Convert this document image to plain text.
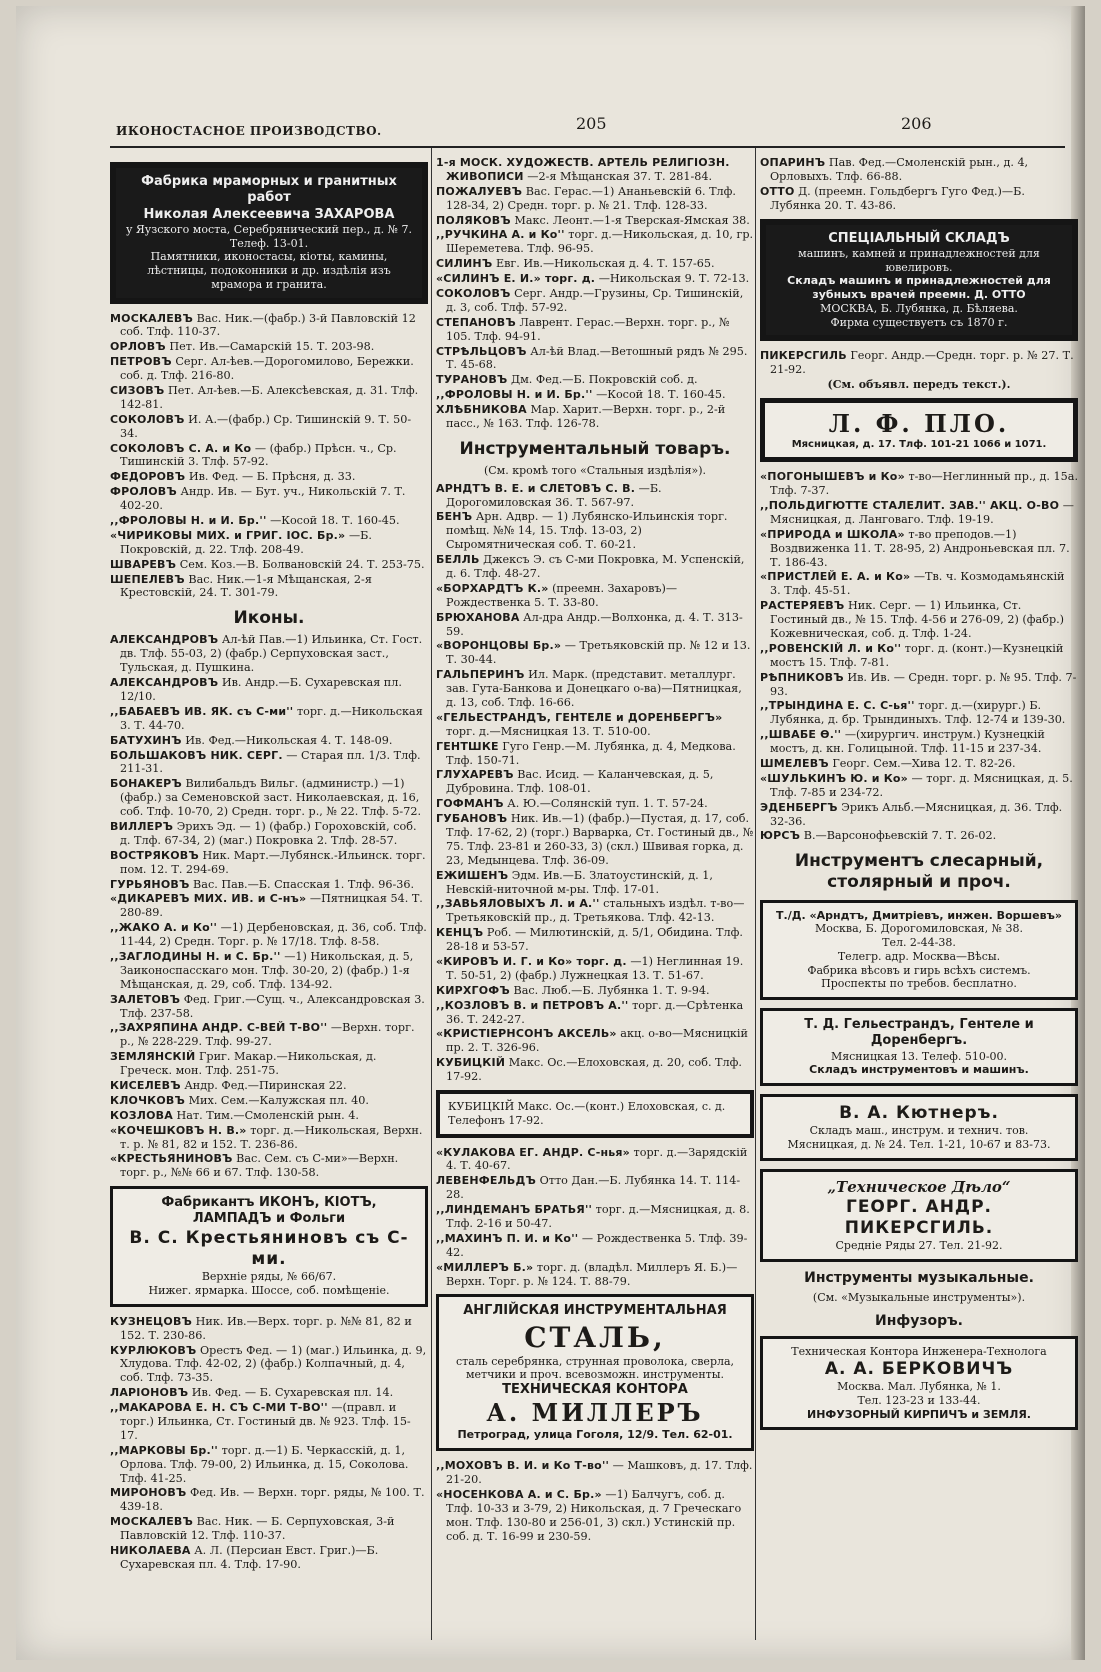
ИКОНОСТАСНОЕ ПРОИЗВОДСТВО.	205	206
Фабрика мраморных и гранитных работ
Николая Алексеевича ЗАХАРОВА
у Яузского моста, Серебрянический пер., д. № 7. Телеф. 13-01.
Памятники, иконостасы, кіоты, камины, лѣстницы, подоконники и др. издѣлія изъ мрамора и гранита.
МОСКАЛЕВЪ Вас. Ник.—(фабр.) 3-й Павловскій 12 соб. Тлф. 110-37.
ОРЛОВЪ Пет. Ив.—Самарскій 15. Т. 203-98.
ПЕТРОВЪ Серг. Ал-ѣев.—Дорогомилово, Бережки. соб. д. Тлф. 216-80.
СИЗОВЪ Пет. Ал-ѣев.—Б. Алексѣевская, д. 31. Тлф. 142-81.
СОКОЛОВЪ И. А.—(фабр.) Ср. Тишинскій 9. Т. 50-34.
СОКОЛОВЪ С. А. и Ко — (фабр.) Прѣсн. ч., Ср. Тишинскій 3. Тлф. 57-92.
ФЕДОРОВЪ Ив. Фед. — Б. Прѣсня, д. 33.
ФРОЛОВЪ Андр. Ив. — Бут. уч., Никольскій 7. Т. 402-20.
,,ФРОЛОВЫ Н. и И. Бр.'' —Косой 18. Т. 160-45.
«ЧИРИКОВЫ МИХ. и ГРИГ. ІОС. Бр.» —Б. Покровскій, д. 22. Тлф. 208-49.
ШВАРЕВЪ Сем. Коз.—В. Болвановскій 24. Т. 253-75.
ШЕПЕЛЕВЪ Вас. Ник.—1-я Мѣщанская, 2-я Крестовскій, 24. Т. 301-79.
Иконы.
АЛЕКСАНДРОВЪ Ал-ѣй Пав.—1) Ильинка, Ст. Гост. дв. Тлф. 55-03, 2) (фабр.) Серпуховская заст., Тульская, д. Пушкина.
АЛЕКСАНДРОВЪ Ив. Андр.—Б. Сухаревская пл. 12/10.
,,БАБАЕВЪ ИВ. ЯК. съ С-ми'' торг. д.—Никольская 3. Т. 44-70.
БАТУХИНЪ Ив. Фед.—Никольская 4. Т. 148-09.
БОЛЬШАКОВЪ НИК. СЕРГ. — Старая пл. 1/3. Тлф. 211-31.
БОНАКЕРЪ Вилибальдъ Вильг. (администр.) —1) (фабр.) за Семеновской заст. Николаевская, д. 16, соб. Тлф. 10-70, 2) Средн. торг. р., № 22. Тлф. 5-72.
ВИЛЛЕРЪ Эрихъ Эд. — 1) (фабр.) Гороховскій, соб. д. Тлф. 67-34, 2) (маг.) Покровка 2. Тлф. 28-57.
ВОСТРЯКОВЪ Ник. Март.—Лубянск.-Ильинск. торг. пом. 12. Т. 294-69.
ГУРЬЯНОВЪ Вас. Пав.—Б. Спасская 1. Тлф. 96-36.
«ДИКАРЕВЪ МИХ. ИВ. и С-нъ» —Пятницкая 54. Т. 280-89.
,,ЖАКО А. и Ко'' —1) Дербеновская, д. 36, соб. Тлф. 11-44, 2) Средн. Торг. р. № 17/18. Тлф. 8-58.
,,ЗАГЛОДИНЫ Н. и С. Бр.'' —1) Никольская, д. 5, Заиконоспасскаго мон. Тлф. 30-20, 2) (фабр.) 1-я Мѣщанская, д. 29, соб. Тлф. 134-92.
ЗАЛЕТОВЪ Фед. Григ.—Сущ. ч., Александровская 3. Тлф. 237-58.
,,ЗАХРЯПИНА АНДР. С-ВЕЙ Т-ВО'' —Верхн. торг. р., № 228-229. Тлф. 99-27.
ЗЕМЛЯНСКІЙ Григ. Макар.—Никольская, д. Греческ. мон. Тлф. 251-75.
КИСЕЛЕВЪ Андр. Фед.—Пиринская 22.
КЛОЧКОВЪ Мих. Сем.—Калужская пл. 40.
КОЗЛОВА Нат. Тим.—Смоленскій рын. 4.
«КОЧЕШКОВЪ Н. В.» торг. д.—Никольская, Верхн. т. р. № 81, 82 и 152. Т. 236-86.
«КРЕСТЬЯНИНОВЪ Вас. Сем. съ С-ми»—Верхн. торг. р., №№ 66 и 67. Тлф. 130-58.
Фабрикантъ ИКОНЪ, КІОТЪ, ЛАМПАДЪ и Фольги
В. С. Крестьяниновъ съ С-ми.
Верхніе ряды, № 66/67.
Нижег. ярмарка. Шоссе, соб. помѣщеніе.
КУЗНЕЦОВЪ Ник. Ив.—Верх. торг. р. №№ 81, 82 и 152. Т. 230-86.
КУРЛЮКОВЪ Орестъ Фед. — 1) (маг.) Ильинка, д. 9, Хлудова. Тлф. 42-02, 2) (фабр.) Колпачный, д. 4, соб. Тлф. 73-35.
ЛАРІОНОВЪ Ив. Фед. — Б. Сухаревская пл. 14.
,,МАКАРОВА Е. Н. СЪ С-МИ Т-ВО'' —(правл. и торг.) Ильинка, Ст. Гостиный дв. № 923. Тлф. 15-17.
,,МАРКОВЫ Бр.'' торг. д.—1) Б. Черкасскій, д. 1, Орлова. Тлф. 79-00, 2) Ильинка, д. 15, Соколова. Тлф. 41-25.
МИРОНОВЪ Фед. Ив. — Верхн. торг. ряды, № 100. Т. 439-18.
МОСКАЛЕВЪ Вас. Ник. — Б. Серпуховская, 3-й Павловскій 12. Тлф. 110-37.
НИКОЛАЕВА А. Л. (Персиан Евст. Григ.)—Б. Сухаревская пл. 4. Тлф. 17-90.
1-я МОСК. ХУДОЖЕСТВ. АРТЕЛЬ РЕЛИГІОЗН. ЖИВОПИСИ —2-я Мѣщанская 37. Т. 281-84.
ПОЖАЛУЕВЪ Вас. Герас.—1) Ананьевскій 6. Тлф. 128-34, 2) Средн. торг. р. № 21. Тлф. 128-33.
ПОЛЯКОВЪ Макс. Леонт.—1-я Тверская-Ямская 38.
,,РУЧКИНА А. и Ко'' торг. д.—Никольская, д. 10, гр. Шереметева. Тлф. 96-95.
СИЛИНЪ Евг. Ив.—Никольская д. 4. Т. 157-65.
«СИЛИНЪ Е. И.» торг. д. —Никольская 9. Т. 72-13.
СОКОЛОВЪ Серг. Андр.—Грузины, Ср. Тишинскій, д. 3, соб. Тлф. 57-92.
СТЕПАНОВЪ Лаврент. Герас.—Верхн. торг. р., № 105. Тлф. 94-91.
СТРѢЛЬЦОВЪ Ал-ѣй Влад.—Ветошный рядъ № 295. Т. 45-68.
ТУРАНОВЪ Дм. Фед.—Б. Покровскій соб. д.
,,ФРОЛОВЫ Н. и И. Бр.'' —Косой 18. Т. 160-45.
ХЛѢБНИКОВА Мар. Харит.—Верхн. торг. р., 2-й пасс., № 163. Тлф. 126-78.
Инструментальный товаръ.
(См. кромѣ того «Стальныя издѣлія»).
АРНДТЪ В. Е. и СЛЕТОВЪ С. В. —Б. Дорогомиловская 36. Т. 567-97.
БЕНЪ Арн. Адвр. — 1) Лубянско-Ильинскія торг. помѣщ. №№ 14, 15. Тлф. 13-03, 2) Сыромятническая соб. Т. 60-21.
БЕЛЛЬ Джексъ Э. съ С-ми Покровка, М. Успенскій, д. 6. Тлф. 48-27.
«БОРХАРДТЪ К.» (преемн. Захаровъ)—Рождественка 5. Т. 33-80.
БРЮХАНОВА Ал-дра Андр.—Волхонка, д. 4. Т. 313-59.
«ВОРОНЦОВЫ Бр.» — Третьяковскій пр. № 12 и 13. Т. 30-44.
ГАЛЬПЕРИНЪ Ил. Марк. (представит. металлург. зав. Гута-Банкова и Донецкаго о-ва)—Пятницкая, д. 13, соб. Тлф. 16-66.
«ГЕЛЬЕСТРАНДЪ, ГЕНТЕЛЕ и ДОРЕНБЕРГЪ» торг. д.—Мясницкая 13. Т. 510-00.
ГЕНТШКЕ Гуго Генр.—М. Лубянка, д. 4, Медкова. Тлф. 150-71.
ГЛУХАРЕВЪ Вас. Исид. — Каланчевская, д. 5, Дубровина. Тлф. 108-01.
ГОФМАНЪ А. Ю.—Солянскій туп. 1. Т. 57-24.
ГУБАНОВЪ Ник. Ив.—1) (фабр.)—Пустая, д. 17, соб. Тлф. 17-62, 2) (торг.) Варварка, Ст. Гостиный дв., № 75. Тлф. 23-81 и 260-33, 3) (скл.) Швивая горка, д. 23, Медынцева. Тлф. 36-09.
ЕЖИШЕНЪ Эдм. Ив.—Б. Златоустинскій, д. 1, Невскій-ниточной м-ры. Тлф. 17-01.
,,ЗАВЬЯЛОВЫХЪ Л. и А.'' стальныхъ издѣл. т-во—Третьяковскій пр., д. Третьякова. Тлф. 42-13.
КЕНЦЪ Роб. — Милютинскій, д. 5/1, Обидина. Тлф. 28-18 и 53-57.
«КИРОВЪ И. Г. и Ко» торг. д. —1) Неглинная 19. Т. 50-51, 2) (фабр.) Лужнецкая 13. Т. 51-67.
КИРХГОФЪ Вас. Люб.—Б. Лубянка 1. Т. 9-94.
,,КОЗЛОВЪ В. и ПЕТРОВЪ А.'' торг. д.—Срѣтенка 36. Т. 242-27.
«КРИСТІЕРНСОНЪ АКСЕЛЬ» акц. о-во—Мясницкій пр. 2. Т. 326-96.
КУБИЦКІЙ Макс. Ос.—Елоховская, д. 20, соб. Тлф. 17-92.
КУБИЦКІЙ Макс. Ос.—(конт.) Елоховская, с. д. Телефонъ 17-92.
«КУЛАКОВА ЕГ. АНДР. С-нья» торг. д.—Зарядскій 4. Т. 40-67.
ЛЕВЕНФЕЛЬДЪ Отто Дан.—Б. Лубянка 14. Т. 114-28.
,,ЛИНДЕМАНЪ БРАТЬЯ'' торг. д.—Мясницкая, д. 8. Тлф. 2-16 и 50-47.
,,МАХИНЪ П. И. и Ко'' — Рождественка 5. Тлф. 39-42.
«МИЛЛЕРЪ Б.» торг. д. (владѣл. Миллеръ Я. Б.)—Верхн. Торг. р. № 124. Т. 88-79.
АНГЛІЙСКАЯ ИНСТРУМЕНТАЛЬНАЯ
СТАЛЬ,
сталь серебрянка, струнная проволока, сверла, метчики и проч. всевозможн. инструменты.
ТЕХНИЧЕСКАЯ КОНТОРА
А. МИЛЛЕРЪ
Петроград, улица Гоголя, 12/9. Тел. 62-01.
,,МОХОВЪ В. И. и Ко Т-во'' — Машковъ, д. 17. Тлф. 21-20.
«НОСЕНКОВА А. и С. Бр.» —1) Балчугъ, соб. д. Тлф. 10-33 и 3-79, 2) Никольская, д. 7 Греческаго мон. Тлф. 130-80 и 256-01, 3) скл.) Устинскій пр. соб. д. Т. 16-99 и 230-59.
ОПАРИНЪ Пав. Фед.—Смоленскій рын., д. 4, Орловыхъ. Тлф. 66-88.
ОТТО Д. (преемн. Гольдбергъ Гуго Фед.)—Б. Лубянка 20. Т. 43-86.
СПЕЦІАЛЬНЫЙ СКЛАДЪ
машинъ, камней и принадлежностей для ювелировъ.
Складъ машинъ и принадлежностей для зубныхъ врачей преемн. Д. ОТТО
МОСКВА, Б. Лубянка, д. Бѣляева.
Фирма существуетъ съ 1870 г.
ПИКЕРСГИЛЬ Георг. Андр.—Средн. торг. р. № 27. Т. 21-92.
(См. объявл. передъ текст.).
Л. Ф. ПЛО.
Мясницкая, д. 17. Тлф. 101-21 1066 и 1071.
«ПОГОНЫШЕВЪ и Ко» т-во—Неглинный пр., д. 15а. Тлф. 7-37.
,,ПОЛЬДИГЮТТЕ СТАЛЕЛИТ. ЗАВ.'' АКЦ. О-ВО —Мясницкая, д. Ланговаго. Тлф. 19-19.
«ПРИРОДА и ШКОЛА» т-во преподов.—1) Воздвиженка 11. Т. 28-95, 2) Андроньевская пл. 7. Т. 186-43.
«ПРИСТЛЕЙ Е. А. и Ко» —Тв. ч. Козмодамьянскій 3. Тлф. 45-51.
РАСТЕРЯЕВЪ Ник. Серг. — 1) Ильинка, Ст. Гостиный дв., № 15. Тлф. 4-56 и 276-09, 2) (фабр.) Кожевническая, соб. д. Тлф. 1-24.
,,РОВЕНСКІЙ Л. и Ко'' торг. д. (конт.)—Кузнецкій мостъ 15. Тлф. 7-81.
РѢПНИКОВЪ Ив. Ив. — Средн. торг. р. № 95. Тлф. 7-93.
,,ТРЫНДИНА Е. С. С-ья'' торг. д.—(хирург.) Б. Лубянка, д. бр. Трындиныхъ. Тлф. 12-74 и 139-30.
,,ШВАБЕ Ө.'' —(хирургич. инструм.) Кузнецкій мостъ, д. кн. Голицыной. Тлф. 11-15 и 237-34.
ШМЕЛЕВЪ Георг. Сем.—Хива 12. Т. 82-26.
«ШУЛЬКИНЪ Ю. и Ко» — торг. д. Мясницкая, д. 5. Тлф. 7-85 и 234-72.
ЭДЕНБЕРГЪ Эрикъ Альб.—Мясницкая, д. 36. Тлф. 32-36.
ЮРСЪ В.—Варсонофьевскій 7. Т. 26-02.
Инструментъ слесарный, столярный и проч.
Т./Д. «Арндтъ, Дмитріевъ, инжен. Воршевъ»
Москва, Б. Дорогомиловская, № 38.
Тел. 2-44-38.
Телегр. адр. Москва—Вѣсы.
Фабрика вѣсовъ и гирь всѣхъ системъ.
Проспекты по требов. бесплатно.
Т. Д. Гельестрандъ, Гентеле и Доренбергъ.
Мясницкая 13. Телеф. 510-00.
Складъ инструментовъ и машинъ.
В. А. Кютнеръ.
Складъ маш., инструм. и технич. тов.
Мясницкая, д. № 24. Тел. 1-21, 10-67 и 83-73.
„Техническое Дѣло“
ГЕОРГ. АНДР. ПИКЕРСГИЛЬ.
Средніе Ряды 27. Тел. 21-92.
Инструменты музыкальные.
(См. «Музыкальные инструменты»).
Инфузоръ.
Техническая Контора Инженера-Технолога
А. А. БЕРКОВИЧЪ
Москва. Мал. Лубянка, № 1.
Тел. 123-23 и 133-44.
ИНФУЗОРНЫЙ КИРПИЧЪ и ЗЕМЛЯ.
